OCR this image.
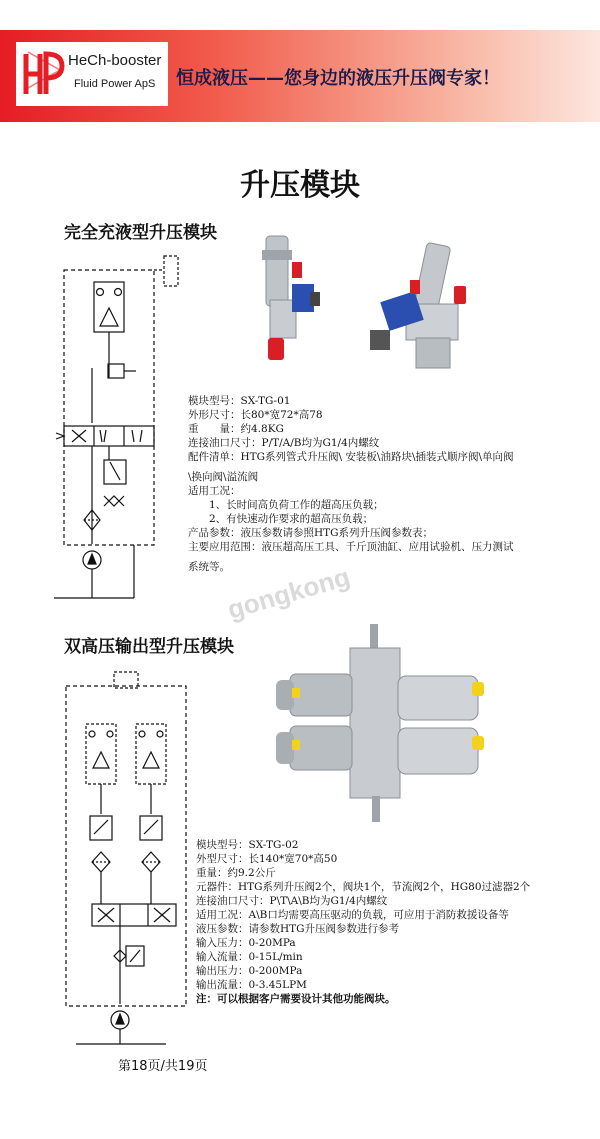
HeCh-booster
Fluid Power ApS 恒成液压——您身边的液压升压阀专家！
升压模块
完全充液型升压模块
模块型号：SX-TG-01
外形尺寸：长80*宽72*高78
重　　量：约4.8KG
连接油口尺寸：P/T/A/B均为G1/4内螺纹
配件清单：HTG系列管式升压阀\ 安装板\油路块\插装式顺序阀\单向阀
\换向阀\溢流阀
适用工况：
　　1、长时间高负荷工作的超高压负载；
　　2、有快速动作要求的超高压负载；
产品参数：液压参数请参照HTG系列升压阀参数表；
主要应用范围：液压超高压工具、千斤顶油缸、应用试验机、压力测试
系统等。
gongkong
双高压输出型升压模块
模块型号：SX-TG-02
外型尺寸：长140*宽70*高50
重量：约9.2公斤
元器件：HTG系列升压阀2个，阀块1个，节流阀2个，HG80过滤器2个
连接油口尺寸：P\T\A\B均为G1/4内螺纹
适用工况：A\B口均需要高压驱动的负载，可应用于消防救援设备等
液压参数：请参数HTG升压阀参数进行参考
输入压力：0-20MPa
输入流量：0-15L/min
输出压力：0-200MPa
输出流量：0-3.45LPM
注：可以根据客户需要设计其他功能阀块。
第18页/共19页
